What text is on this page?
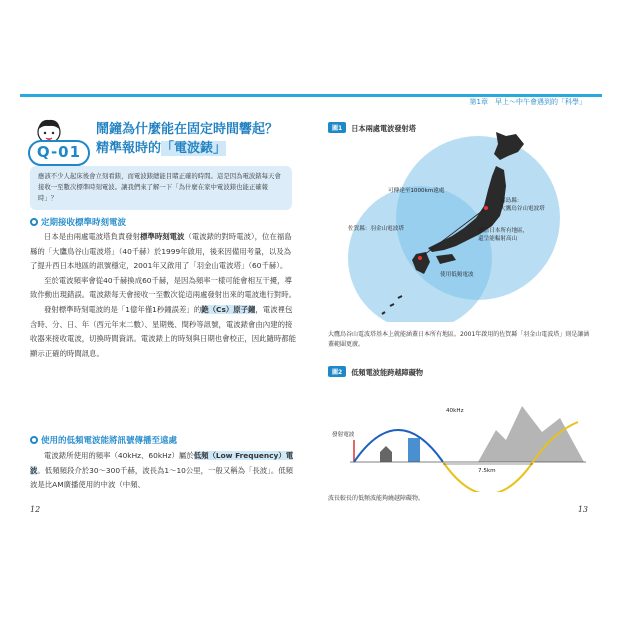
Q-01
鬧鐘為什麼能在固定時間響起？
精準報時的「電波錶」
應該不少人起床後會立刻看錶，而電波錶總能目睹正確的時間。這是因為電波錶每天會接收一至數次標準時刻電波。讓我們來了解一下「為什麼在家中電波錶也能正確報時」？
定期接收標準時刻電波

日本是由兩處電波塔負責發射標準時刻電波（電波錶的對時電波），位在福島縣的「大鷹鳥谷山電波塔」（40千赫）於1999年啟用，後來因備用考量，以及為了提升西日本地區的訊號穩定，2001年又啟用了「羽金山電波塔」（60千赫）。

至於電波頻率會從40千赫換成60千赫，是因為頻率一樣可能會相互干擾，導致作動出現錯誤。電波錶每天會接收一至數次從這兩處發射出來的電波進行對時。

發射標準時刻電波的是「1億年僅1秒鐘誤差」的銫（Cs）原子鐘，電波裡包含時、分、日、年（西元年末二數）、星期幾、閏秒等訊號，電波錶會由內建的接收器來接收電波，切換時間資訊。電波錶上的時刻與日期也會校正，因此隨時都能顯示正確的時間訊息。

使用的低頻電波能將訊號傳播至遠處

電波錶所使用的頻率（40kHz、60kHz）屬於低頻（Low Frequency）電波。低頻頻段介於30～300千赫，波長為1～10公里，一般又稱為「長波」。低頻波是比AM廣播使用的中波（中頻、

12
第1章　早上～中午會遇到的「科學」
圖1 日本兩處電波發射塔
可傳達至1000km遠處
福島縣：
大鷹鳥谷山電波塔
佐賀縣：羽金山電波塔	涵蓋日本所有地區，
還呈能輻射高山
使用低頻電波
大鷹鳥谷山電波塔基本上就能涵蓋日本所有地區。2001年啟用的佐賀縣「羽金山電波塔」則是讓涵蓋範圍更廣。
圖2 低頻電波能跨越障礙物
發射電波
40kHz
7.5km
波長較長的低頻波能夠繞越障礙物。
13
